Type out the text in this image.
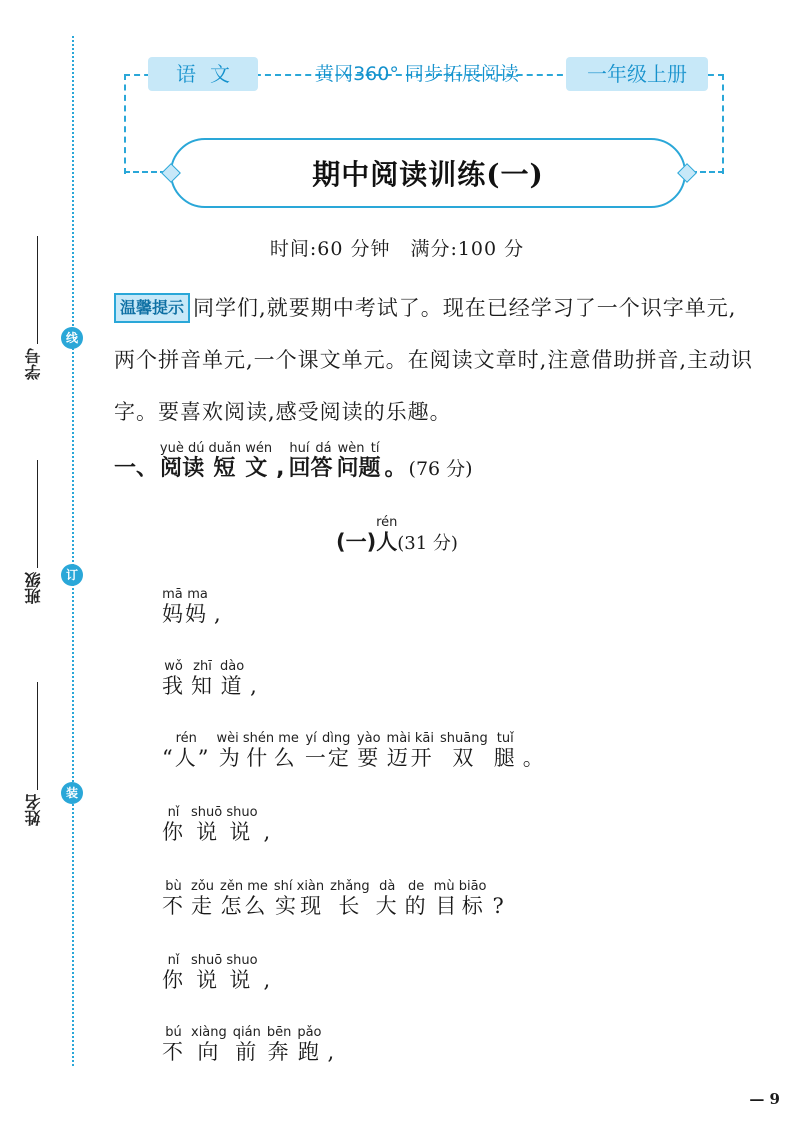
线
订
装
学号
班级
姓名
语文	黄冈360° 同步拓展阅读	一年级上册
期中阅读训练(一)
时间:60 分钟　满分:100 分
温馨提示 同学们,就要期中考试了。现在已经学习了一个识字单元,两个拼音单元,一个课文单元。在阅读文章时,注意借助拼音,主动识字。要喜欢阅读,感受阅读的乐趣。
一、阅读yuè dú短文duǎn wén, 回答huí dá问题wèn tí。 (76 分)
(一)人rén(31 分)
妈妈mā ma,
我wǒ知zhī道dào,
“人”rén为什么wèi shén me一定yí dìng要yào迈开mài kāi双shuāng腿tuǐ。
你nǐ说说shuō shuo,
不bù走zǒu怎么zěn me实现shí xiàn长zhǎng大dà的de目标mù biāo?
你nǐ说说shuō shuo,
不bú向xiàng前qián奔bēn跑pǎo,
— 9
